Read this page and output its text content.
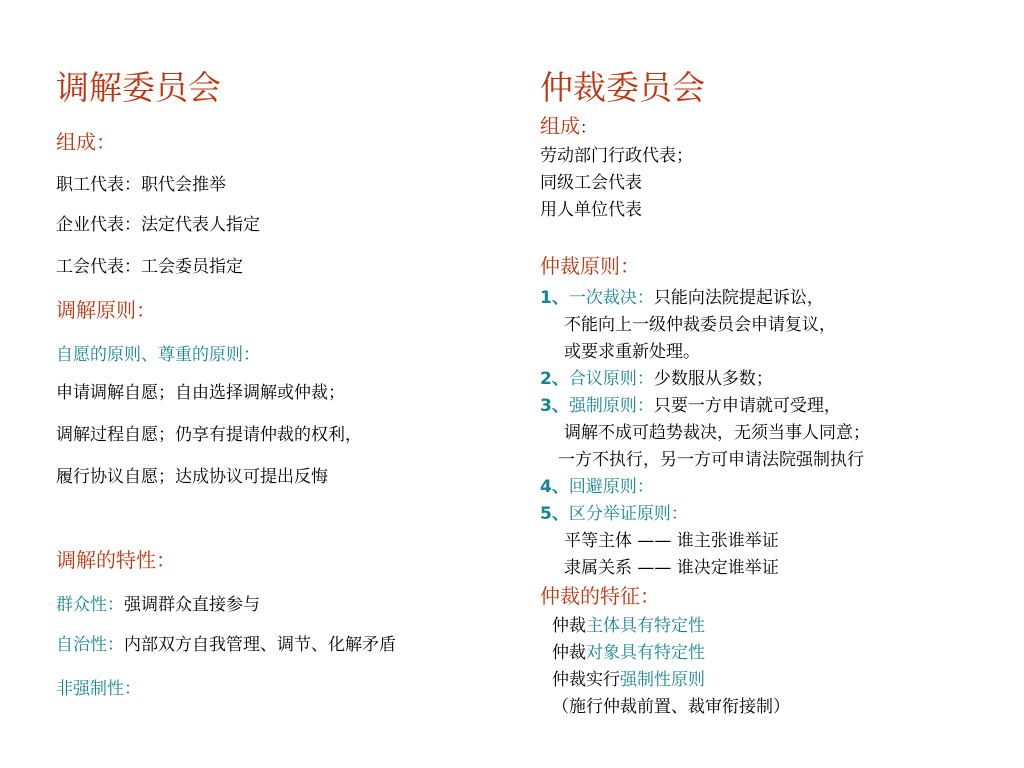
调解委员会
组成：
职工代表：职代会推举
企业代表：法定代表人指定
工会代表：工会委员指定
调解原则：
自愿的原则、尊重的原则：
申请调解自愿；自由选择调解或仲裁；
调解过程自愿；仍享有提请仲裁的权利，
履行协议自愿；达成协议可提出反悔
调解的特性：
群众性：强调群众直接参与
自治性：内部双方自我管理、调节、化解矛盾
非强制性：
仲裁委员会
组成：
劳动部门行政代表；
同级工会代表
用人单位代表
仲裁原则：
1、一次裁决：只能向法院提起诉讼，
不能向上一级仲裁委员会申请复议，
或要求重新处理。
2、合议原则：少数服从多数；
3、强制原则：只要一方申请就可受理，
调解不成可趋势裁决，无须当事人同意；
一方不执行，另一方可申请法院强制执行
4、回避原则：
5、区分举证原则：
平等主体 —— 谁主张谁举证
隶属关系 —— 谁决定谁举证
仲裁的特征：
仲裁主体具有特定性
仲裁对象具有特定性
仲裁实行强制性原则
（施行仲裁前置、裁审衔接制）
